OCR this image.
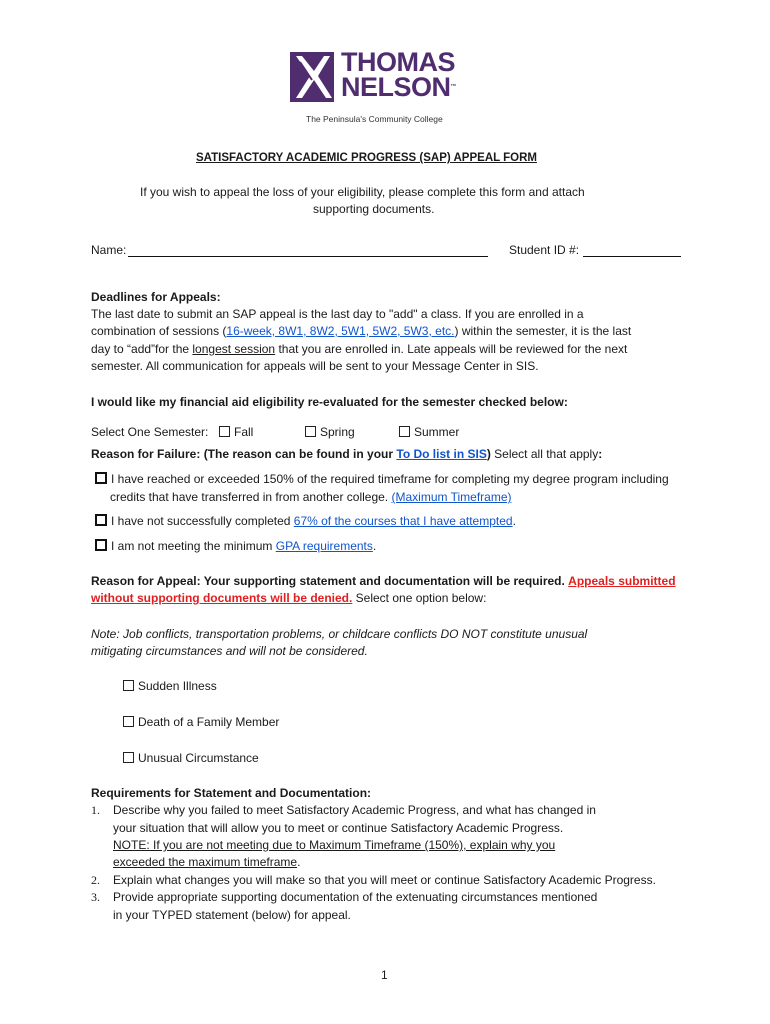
THOMAS
NELSON™
The Peninsula's Community College
SATISFACTORY ACADEMIC PROGRESS (SAP) APPEAL FORM
If you wish to appeal the loss of your eligibility, please complete this form and attach
supporting documents.
Name:	Student ID #:
Deadlines for Appeals:
The last date to submit an SAP appeal is the last day to "add" a class. If you are enrolled in a
combination of sessions (16-week, 8W1, 8W2, 5W1, 5W2, 5W3, etc.) within the semester, it is the last
day to “add”for the longest session that you are enrolled in. Late appeals will be reviewed for the next
semester. All communication for appeals will be sent to your Message Center in SIS.
I would like my financial aid eligibility re-evaluated for the semester checked below:
Select One Semester:	Fall	Spring	Summer
Reason for Failure: (The reason can be found in your To Do list in SIS) Select all that apply:
I have reached or exceeded 150% of the required timeframe for completing my degree program including
credits that have transferred in from another college. (Maximum Timeframe)
I have not successfully completed 67% of the courses that I have attempted.
I am not meeting the minimum GPA requirements.
Reason for Appeal: Your supporting statement and documentation will be required. Appeals submitted
without supporting documents will be denied. Select one option below:
Note: Job conflicts, transportation problems, or childcare conflicts DO NOT constitute unusual
mitigating circumstances and will not be considered.
Sudden Illness
Death of a Family Member
Unusual Circumstance
Requirements for Statement and Documentation:
1. Describe why you failed to meet Satisfactory Academic Progress, and what has changed in
your situation that will allow you to meet or continue Satisfactory Academic Progress.
NOTE: If you are not meeting due to Maximum Timeframe (150%), explain why you
exceeded the maximum timeframe.
2. Explain what changes you will make so that you will meet or continue Satisfactory Academic Progress.
3. Provide appropriate supporting documentation of the extenuating circumstances mentioned
in your TYPED statement (below) for appeal.
1
